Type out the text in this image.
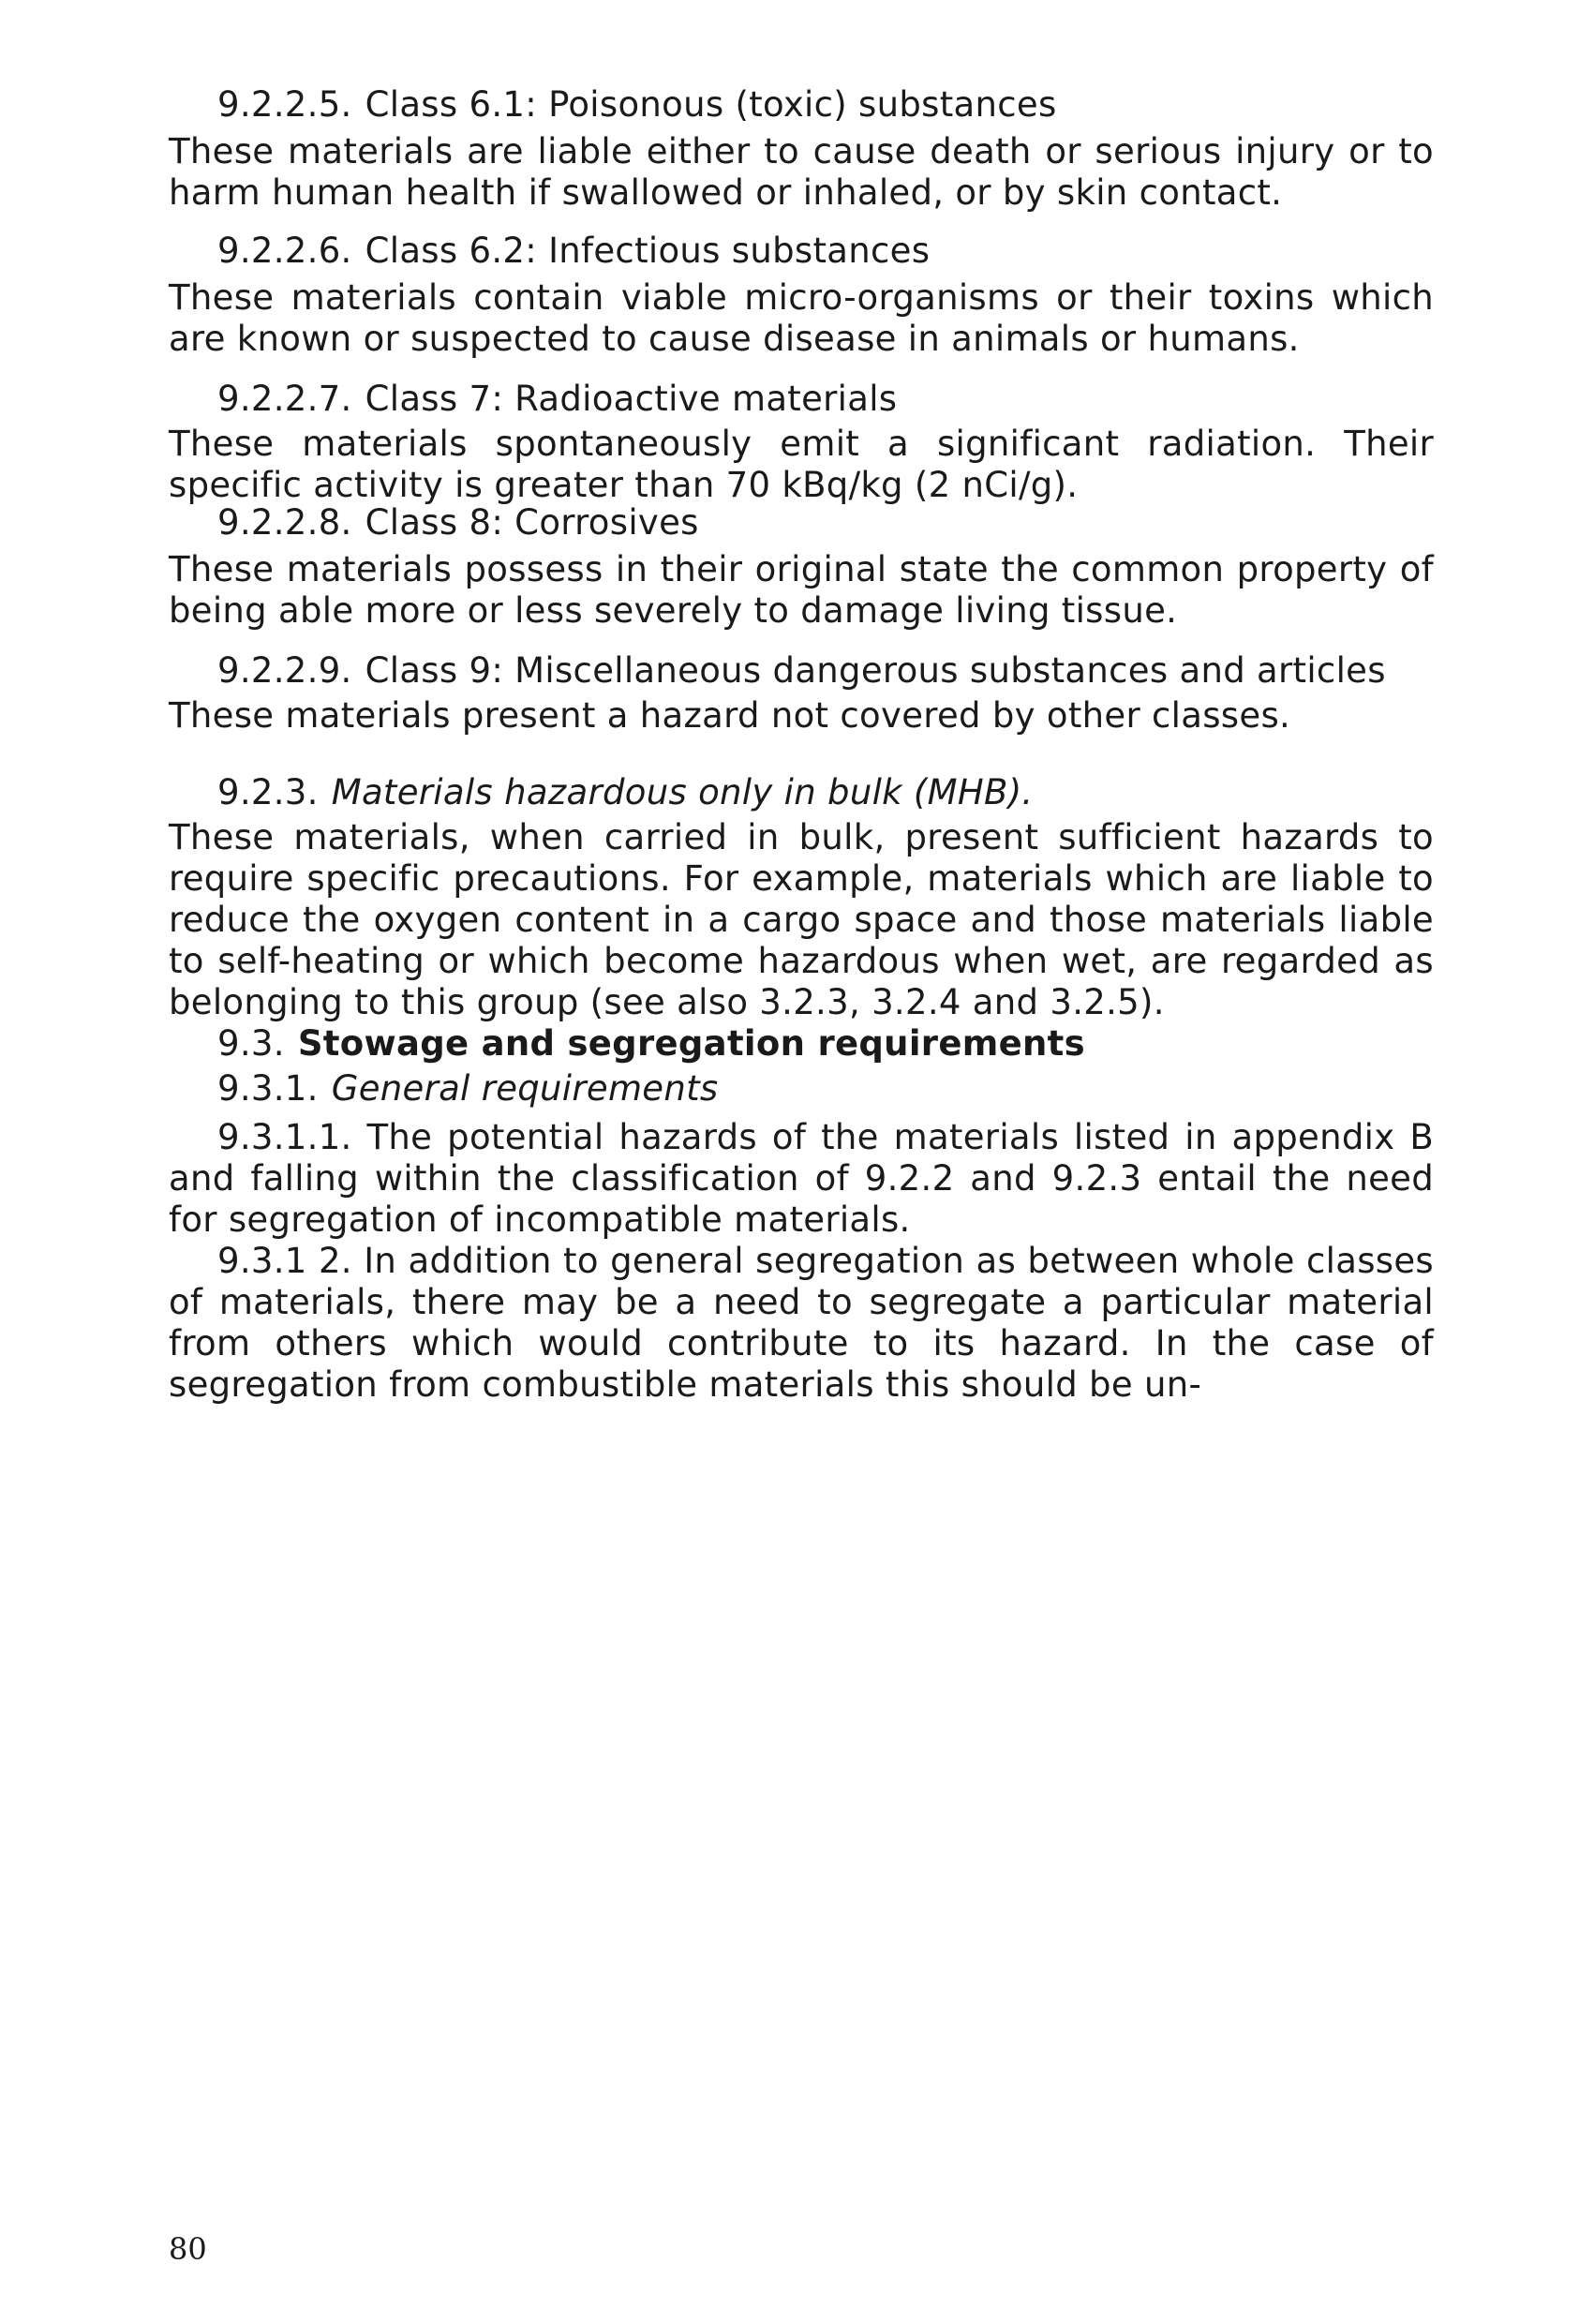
9.2.2.5. Class 6.1: Poisonous (toxic) substances
These materials are liable either to cause death or serious injury or to harm human health if swallowed or inhaled, or by skin contact.
9.2.2.6. Class 6.2: Infectious substances
These materials contain viable micro-organisms or their toxins which are known or suspected to cause disease in animals or humans.
9.2.2.7. Class 7: Radioactive materials
These materials spontaneously emit a significant radiation. Their specific activity is greater than 70 kBq/kg (2 nCi/g).
9.2.2.8. Class 8: Corrosives
These materials possess in their original state the common property of being able more or less severely to damage living tissue.
9.2.2.9. Class 9: Miscellaneous dangerous substances and articles
These materials present a hazard not covered by other classes.
9.2.3. Materials hazardous only in bulk (MHB).
These materials, when carried in bulk, present sufficient hazards to require specific precautions. For example, materials which are liable to reduce the oxygen content in a cargo space and those materials liable to self-heating or which become hazardous when wet, are regarded as belonging to this group (see also 3.2.3, 3.2.4 and 3.2.5).
9.3. Stowage and segregation requirements
9.3.1. General requirements
9.3.1.1. The potential hazards of the materials listed in appendix B and falling within the classification of 9.2.2 and 9.2.3 entail the need for segregation of incompatible materials.
9.3.1 2. In addition to general segregation as between whole classes of materials, there may be a need to segregate a particular material from others which would contribute to its hazard. In the case of segregation from combustible materials this should be un-
80
